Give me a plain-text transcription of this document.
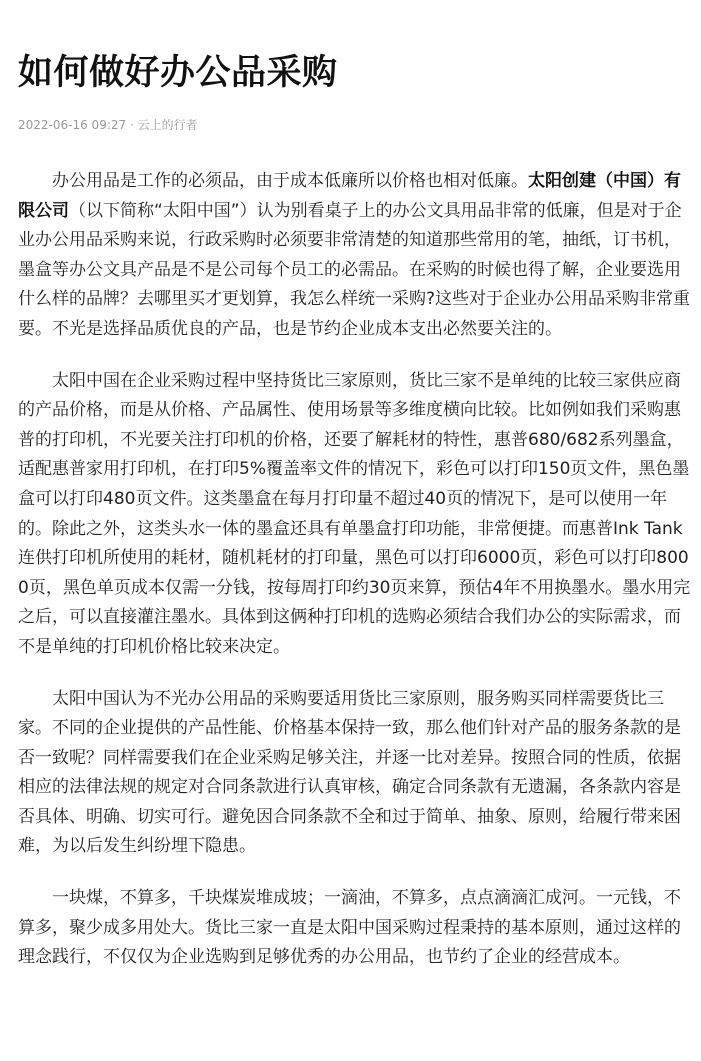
如何做好办公品采购
2022-06-16 09:27 · 云上的行者

办公用品是工作的必须品，由于成本低廉所以价格也相对低廉。太阳创建（中国）有限公司（以下简称“太阳中国”）认为别看桌子上的办公文具用品非常的低廉，但是对于企业办公用品采购来说，行政采购时必须要非常清楚的知道那些常用的笔，抽纸，订书机，墨盒等办公文具产品是不是公司每个员工的必需品。在采购的时候也得了解，企业要选用什么样的品牌？去哪里买才更划算，我怎么样统一采购?这些对于企业办公用品采购非常重要。不光是选择品质优良的产品，也是节约企业成本支出必然要关注的。

太阳中国在企业采购过程中坚持货比三家原则，货比三家不是单纯的比较三家供应商的产品价格，而是从价格、产品属性、使用场景等多维度横向比较。比如例如我们采购惠普的打印机，不光要关注打印机的价格，还要了解耗材的特性，惠普680/682系列墨盒，适配惠普家用打印机，在打印5%覆盖率文件的情况下，彩色可以打印150页文件，黑色墨盒可以打印480页文件。这类墨盒在每月打印量不超过40页的情况下，是可以使用一年的。除此之外，这类头水一体的墨盒还具有单墨盒打印功能，非常便捷。而惠普Ink Tank连供打印机所使用的耗材，随机耗材的打印量，黑色可以打印6000页，彩色可以打印8000页，黑色单页成本仅需一分钱，按每周打印约30页来算，预估4年不用换墨水。墨水用完之后，可以直接灌注墨水。具体到这俩种打印机的选购必须结合我们办公的实际需求，而不是单纯的打印机价格比较来决定。

太阳中国认为不光办公用品的采购要适用货比三家原则，服务购买同样需要货比三家。不同的企业提供的产品性能、价格基本保持一致，那么他们针对产品的服务条款的是否一致呢？同样需要我们在企业采购足够关注，并逐一比对差异。按照合同的性质，依据相应的法律法规的规定对合同条款进行认真审核，确定合同条款有无遗漏，各条款内容是否具体、明确、切实可行。避免因合同条款不全和过于简单、抽象、原则，给履行带来困难，为以后发生纠纷埋下隐患。

一块煤，不算多，千块煤炭堆成坡；一滴油，不算多，点点滴滴汇成河。一元钱，不算多，聚少成多用处大。货比三家一直是太阳中国采购过程秉持的基本原则，通过这样的理念践行，不仅仅为企业选购到足够优秀的办公用品，也节约了企业的经营成本。
